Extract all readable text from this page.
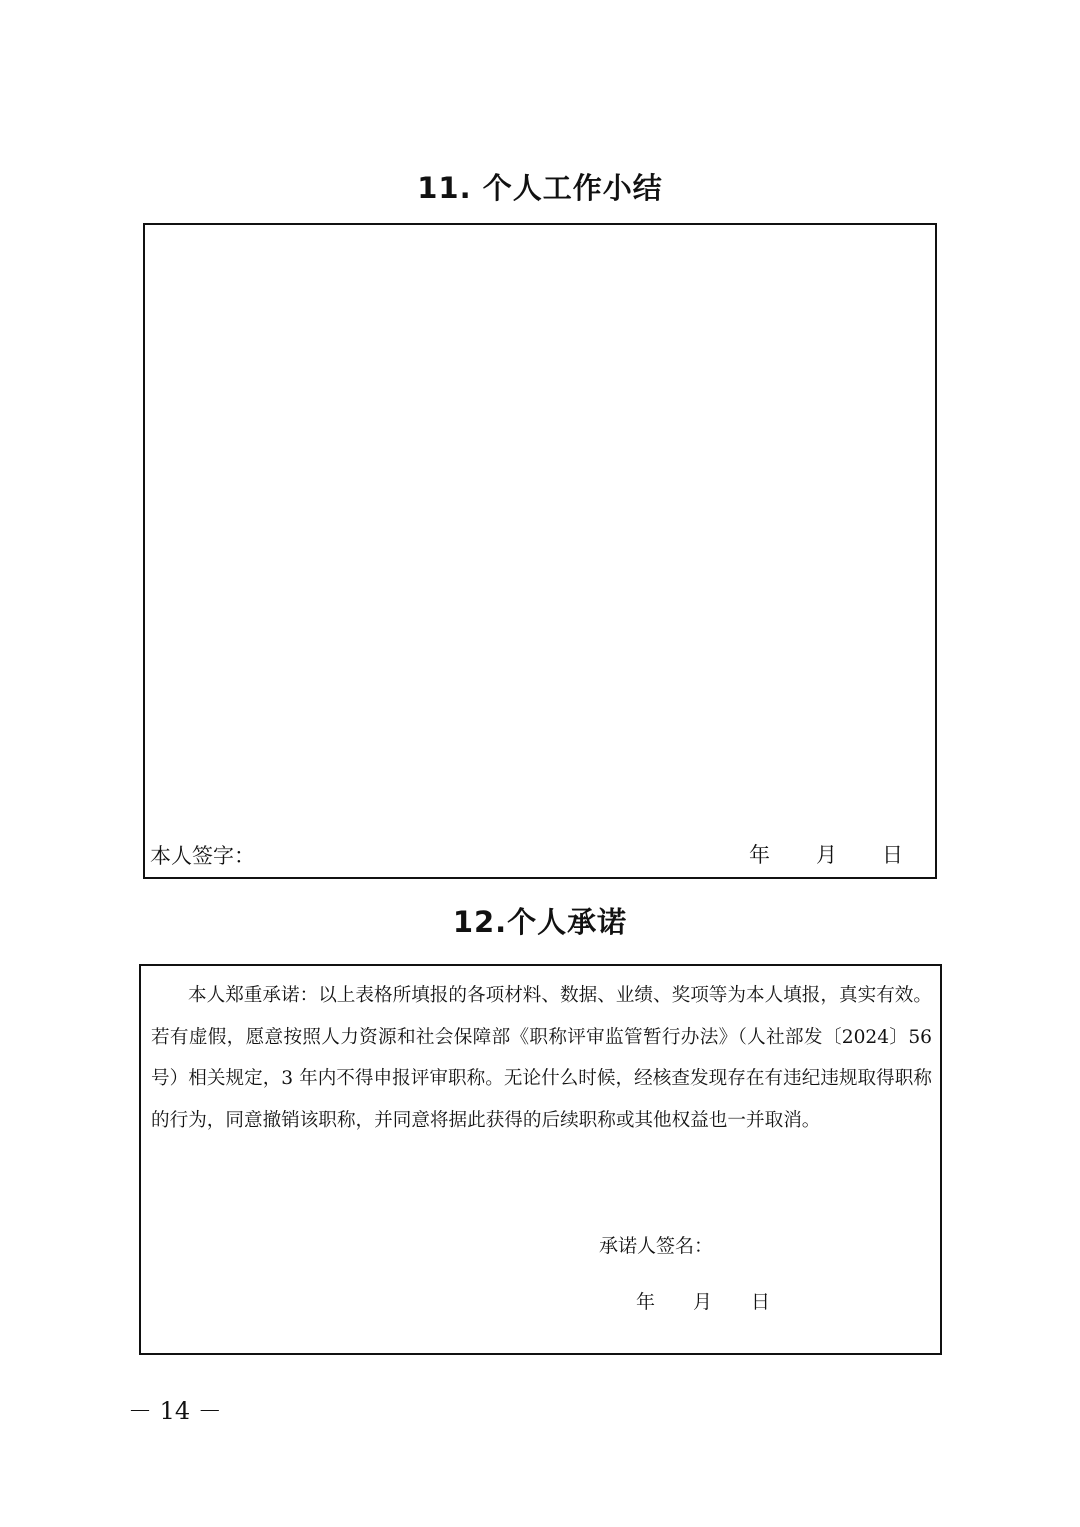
11. 个人工作小结
本人签字：	年 月 日
12.个人承诺

本人郑重承诺：以上表格所填报的各项材料、数据、业绩、奖项等为本人填报，真实有效。若有虚假，愿意按照人力资源和社会保障部《职称评审监管暂行办法》（人社部发〔2024〕56号）相关规定，3 年内不得申报评审职称。无论什么时候，经核查发现存在有违纪违规取得职称的行为，同意撤销该职称，并同意将据此获得的后续职称或其他权益也一并取消。

承诺人签名：
年 月 日
－ 14 －
